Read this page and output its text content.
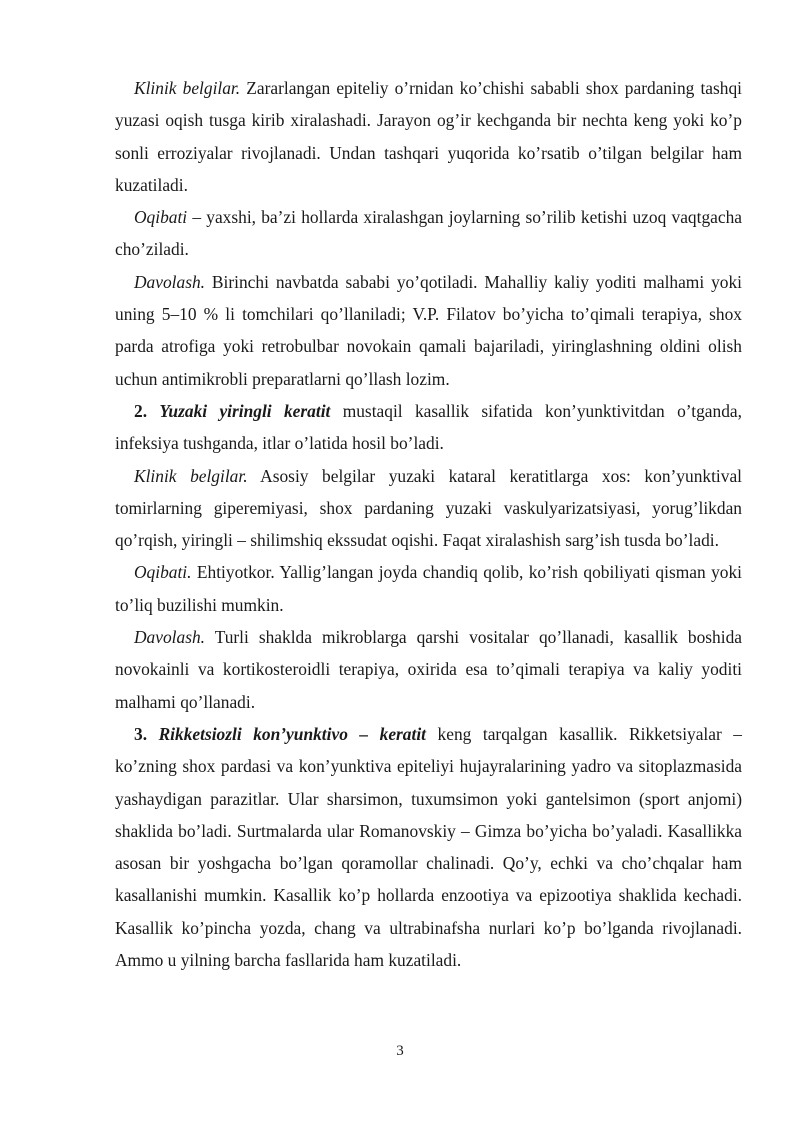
Klinik belgilar. Zararlangan epiteliy o’rnidan ko’chishi sababli shox pardaning tashqi yuzasi oqish tusga kirib xiralashadi. Jarayon og’ir kechganda bir nechta keng yoki ko’p sonli erroziyalar rivojlanadi. Undan tashqari yuqorida ko’rsatib o’tilgan belgilar ham kuzatiladi.

Oqibati – yaxshi, ba’zi hollarda xiralashgan joylarning so’rilib ketishi uzoq vaqtgacha cho’ziladi.

Davolash. Birinchi navbatda sababi yo’qotiladi. Mahalliy kaliy yoditi malhami yoki uning 5–10 % li tomchilari qo’llaniladi; V.P. Filatov bo’yicha to’qimali terapiya, shox parda atrofiga yoki retrobulbar novokain qamali bajariladi, yiringlashning oldini olish uchun antimikrobli preparatlarni qo’llash lozim.

2. Yuzaki yiringli keratit mustaqil kasallik sifatida kon’yunktivitdan o’tganda, infeksiya tushganda, itlar o’latida hosil bo’ladi.

Klinik belgilar. Asosiy belgilar yuzaki kataral keratitlarga xos: kon’yunktival tomirlarning giperemiyasi, shox pardaning yuzaki vaskulyarizatsiyasi, yorug’likdan qo’rqish, yiringli – shilimshiq ekssudat oqishi. Faqat xiralashish sarg’ish tusda bo’ladi.

Oqibati. Ehtiyotkor. Yallig’langan joyda chandiq qolib, ko’rish qobiliyati qisman yoki to’liq buzilishi mumkin.

Davolash. Turli shaklda mikroblarga qarshi vositalar qo’llanadi, kasallik boshida novokainli va kortikosteroidli terapiya, oxirida esa to’qimali terapiya va kaliy yoditi malhami qo’llanadi.

3. Rikketsiozli kon’yunktivo – keratit keng tarqalgan kasallik. Rikketsiyalar – ko’zning shox pardasi va kon’yunktiva epiteliyi hujayralarining yadro va sitoplazmasida yashaydigan parazitlar. Ular sharsimon, tuxumsimon yoki gantelsimon (sport anjomi) shaklida bo’ladi. Surtmalarda ular Romanovskiy – Gimza bo’yicha bo’yaladi. Kasallikka asosan bir yoshgacha bo’lgan qoramollar chalinadi. Qo’y, echki va cho’chqalar ham kasallanishi mumkin. Kasallik ko’p hollarda enzootiya va epizootiya shaklida kechadi. Kasallik ko’pincha yozda, chang va ultrabinafsha nurlari ko’p bo’lganda rivojlanadi. Ammo u yilning barcha fasllarida ham kuzatiladi.

3
